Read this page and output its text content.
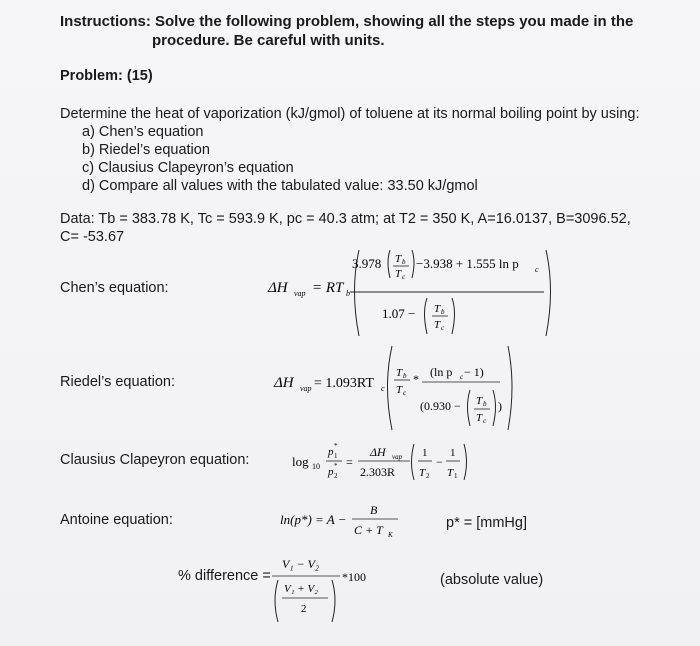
Instructions: Solve the following problem, showing all the steps you made in the
procedure. Be careful with units.
Problem: (15)
Determine the heat of vaporization (kJ/gmol) of toluene at its normal boiling point by using:
a) Chen’s equation
b) Riedel’s equation
c) Clausius Clapeyron’s equation
d) Compare all values with the tabulated value: 33.50 kJ/gmol
Data: Tb = 383.78 K, Tc = 593.9 K, pc = 40.3 atm; at T2 = 350 K, A=16.0137, B=3096.52,
C= -53.67
Chen’s equation:
Riedel’s equation:
Clausius Clapeyron equation:
Antoine equation:
ΔH vap = RT b
3.978 T b
T c
−3.938 + 1.555 ln p c
1.07 − T b
T c
ΔH vap = 1.093RT c
T b
T c
* (ln p c − 1)
(0.930 − T b
T c
)
log 10
p *
1
p *
2
=
ΔH vap
2.303R
1
T 2
−
1
T 1
ln(p*) = A −
B
C + T K
p* = [mmHg]
% difference =
V₁ − V₂
V₁ + V₂
2
*100	(absolute value)
